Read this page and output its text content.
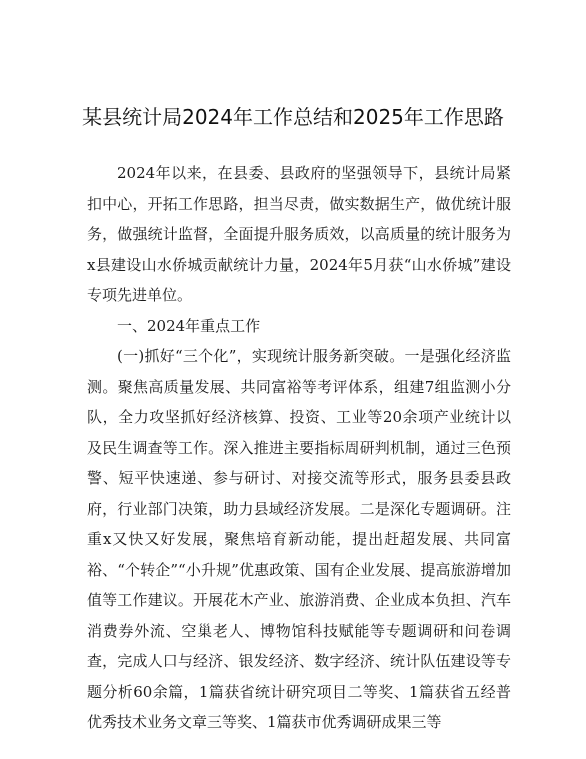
某县统计局2024年工作总结和2025年工作思路

2024年以来，在县委、县政府的坚强领导下，县统计局紧扣中心，开拓工作思路，担当尽责，做实数据生产，做优统计服务，做强统计监督，全面提升服务质效，以高质量的统计服务为x县建设山水侨城贡献统计力量，2024年5月获“山水侨城”建设专项先进单位。

一、2024年重点工作

(一)抓好“三个化”，实现统计服务新突破。一是强化经济监测。聚焦高质量发展、共同富裕等考评体系，组建7组监测小分队，全力攻坚抓好经济核算、投资、工业等20余项产业统计以及民生调查等工作。深入推进主要指标周研判机制，通过三色预警、短平快速递、参与研讨、对接交流等形式，服务县委县政府，行业部门决策，助力县域经济发展。二是深化专题调研。注重x又快又好发展，聚焦培育新动能，提出赶超发展、共同富裕、“个转企”“小升规”优惠政策、国有企业发展、提高旅游增加值等工作建议。开展花木产业、旅游消费、企业成本负担、汽车消费券外流、空巢老人、博物馆科技赋能等专题调研和问卷调查，完成人口与经济、银发经济、数字经济、统计队伍建设等专题分析60余篇，1篇获省统计研究项目二等奖、1篇获省五经普优秀技术业务文章三等奖、1篇获市优秀调研成果三等
